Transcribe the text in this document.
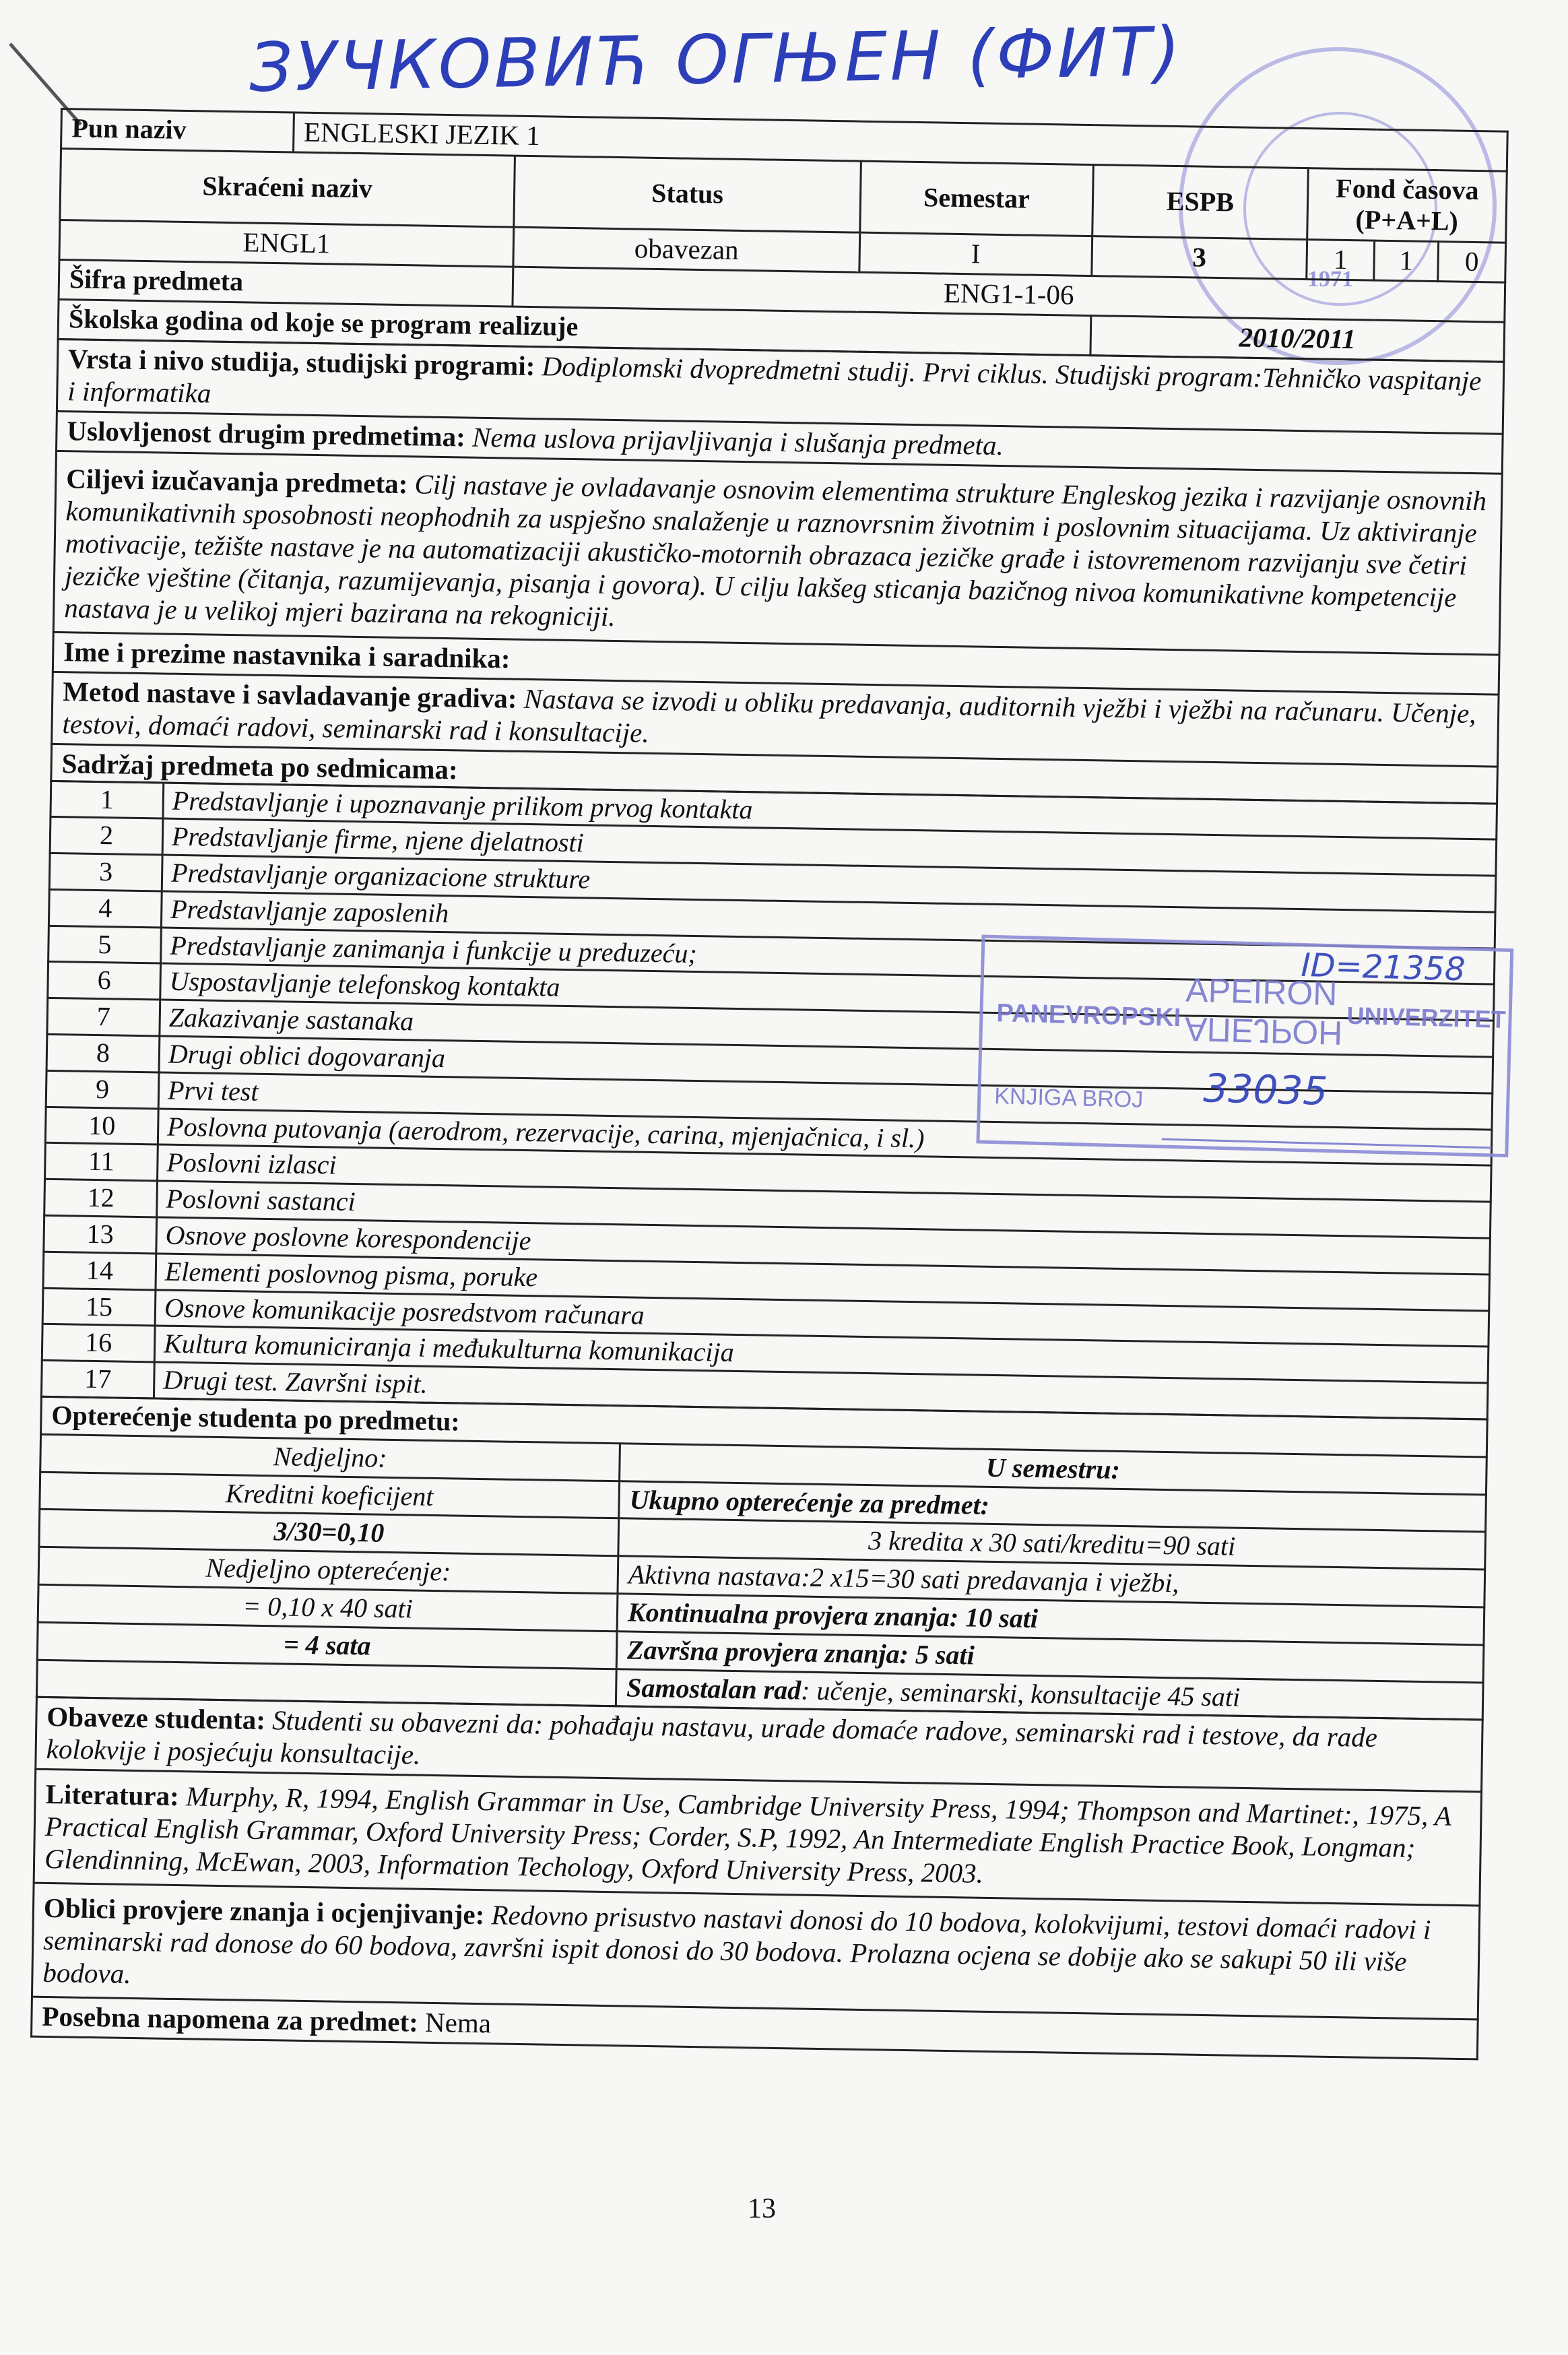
ЗУЧКОВИЋ ОГЊЕН (ФИТ)
1971
Pun naziv	ENGLESKI JEZIK 1						
Skraćeni naziv		Status	Semestar	ESPB	Fond časova (P+A+L)		
ENGL1		obavezan	I	3	1	1	0
Šifra predmeta		ENG1-1-06					
Školska godina od koje se program realizuje				2010/2011			
Vrsta i nivo studija, studijski programi: Dodiplomski dvopredmetni studij. Prvi ciklus. Studijski program:Tehničko vaspitanje i informatika
Uslovljenost drugim predmetima: Nema uslova prijavljivanja i slušanja predmeta.
Ciljevi izučavanja predmeta: Cilj nastave je ovladavanje osnovim elementima strukture Engleskog jezika i razvijanje osnovnih komunikativnih sposobnosti neophodnih za uspješno snalaženje u raznovrsnim životnim i poslovnim situacijama. Uz aktiviranje motivacije, težište nastave je na automatizaciji akustičko-motornih obrazaca jezičke građe i istovremenom razvijanju sve četiri jezičke vještine (čitanja, razumijevanja, pisanja i govora). U cilju lakšeg sticanja bazičnog nivoa komunikativne kompetencije nastava je u velikoj mjeri bazirana na rekogniciji.
Ime i prezime nastavnika i saradnika:
Metod nastave i savladavanje gradiva: Nastava se izvodi u obliku predavanja, auditornih vježbi i vježbi na računaru. Učenje, testovi, domaći radovi, seminarski rad i konsultacije.
Sadržaj predmeta po sedmicama:
1	Predstavljanje i upoznavanje prilikom prvog kontakta
2	Predstavljanje firme, njene djelatnosti
3	Predstavljanje organizacione strukture
4	Predstavljanje zaposlenih
5	Predstavljanje zanimanja i funkcije u preduzeću;
6	Uspostavljanje telefonskog kontakta
7	Zakazivanje sastanaka
8	Drugi oblici dogovaranja
9	Prvi test
10	Poslovna putovanja (aerodrom, rezervacije, carina, mjenjačnica, i sl.)
11	Poslovni izlasci
12	Poslovni sastanci
13	Osnove poslovne korespondencije
14	Elementi poslovnog pisma, poruke
15	Osnove komunikacije posredstvom računara
16	Kultura komuniciranja i međukulturna komunikacija
17	Drugi test. Završni ispit.
Opterećenje studenta po predmetu:	
Nedjeljno:	U semestru:
Kreditni koeficijent	Ukupno opterećenje za predmet:
3/30=0,10	3 kredita x 30 sati/kreditu=90 sati
Nedjeljno opterećenje:	Aktivna nastava:2 x15=30 sati predavanja i vježbi,
= 0,10 x 40 sati	Kontinualna provjera znanja: 10 sati
= 4 sata	Završna provjera znanja: 5 sati
	Samostalan rad: učenje, seminarski, konsultacije 45 sati
Obaveze studenta: Studenti su obavezni da: pohađaju nastavu, urade domaće radove, seminarski rad i testove, da rade kolokvije i posjećuju konsultacije.
Literatura: Murphy, R, 1994, English Grammar in Use, Cambridge University Press, 1994; Thompson and Martinet:, 1975, A Practical English Grammar, Oxford University Press; Corder, S.P, 1992, An Intermediate English Practice Book, Longman; Glendinning, McEwan, 2003, Information Techology, Oxford University Press, 2003.
Oblici provjere znanja i ocjenjivanje: Redovno prisustvo nastavi donosi do 10 bodova, kolokvijumi, testovi domaći radovi i seminarski rad donose do 60 bodova, završni ispit donosi do 30 bodova. Prolazna ocjena se dobije ako se sakupi 50 ili više bodova.
Posebna napomena za predmet: Nema
PANEVROPSKI
APEIRON
АПЕЈРОН UNIVERZITET
KNJIGA BROJ 33035
ID=21358
13
